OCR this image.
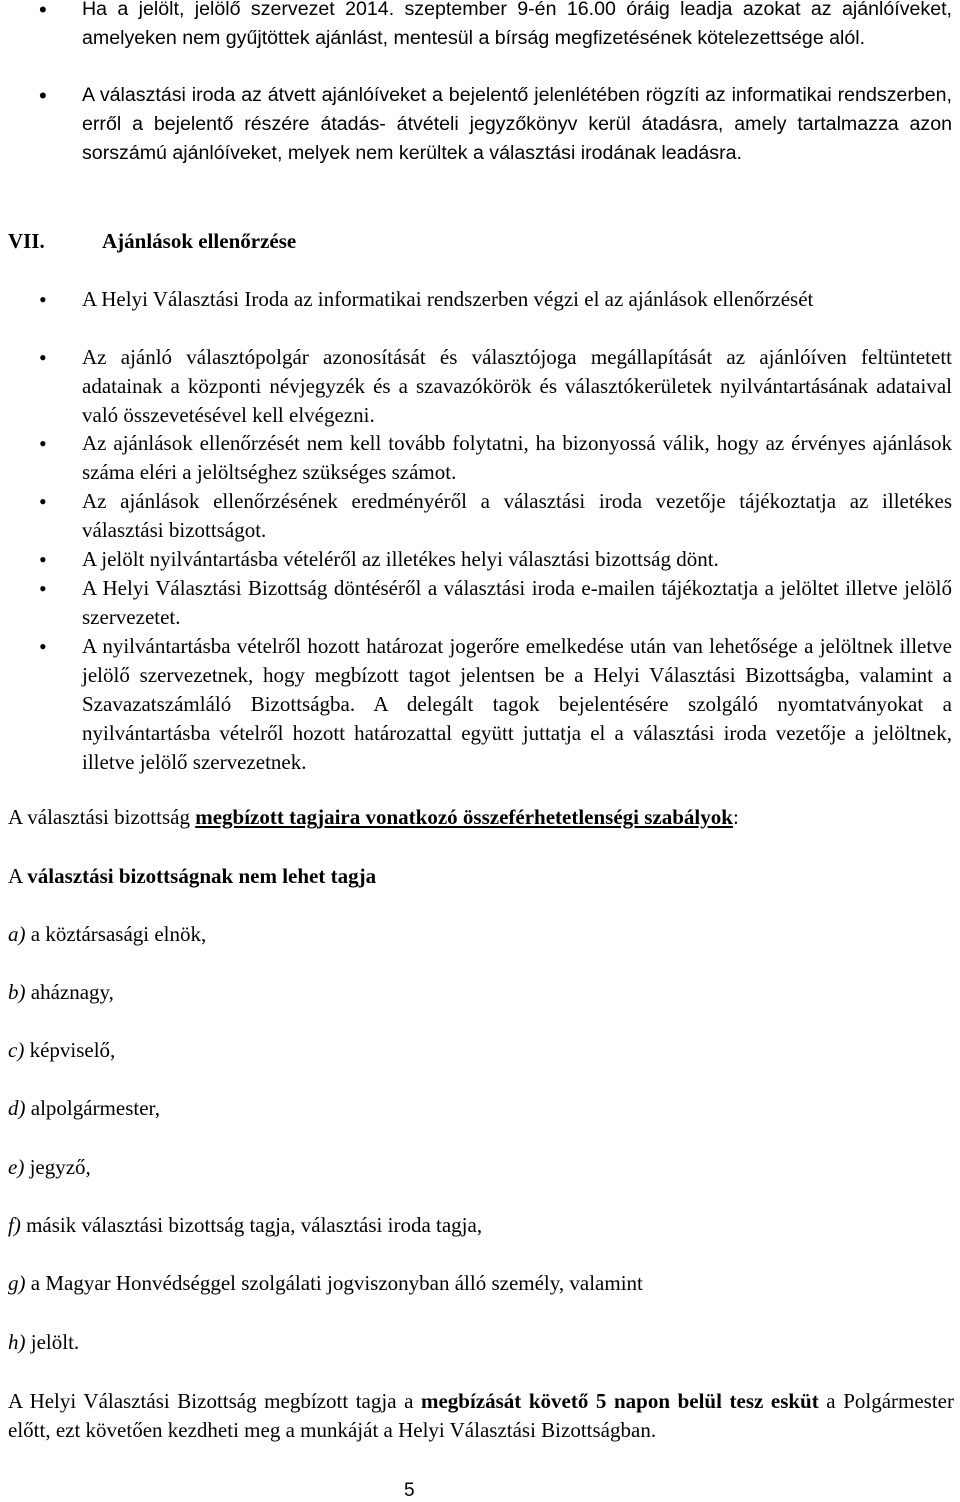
• Ha a jelölt, jelölő szervezet 2014. szeptember 9-én 16.00 óráig leadja azokat az ajánlóíveket, amelyeken nem gyűjtöttek ajánlást, mentesül a bírság megfizetésének kötelezettsége alól.
• A választási iroda az átvett ajánlóíveket a bejelentő jelenlétében rögzíti az informatikai rendszerben, erről a bejelentő részére átadás- átvételi jegyzőkönyv kerül átadásra, amely tartalmazza azon sorszámú ajánlóíveket, melyek nem kerültek a választási irodának leadásra.
VII.	Ajánlások ellenőrzése
• A Helyi Választási Iroda az informatikai rendszerben végzi el az ajánlások ellenőrzését
• Az ajánló választópolgár azonosítását és választójoga megállapítását az ajánlóíven feltüntetett adatainak a központi névjegyzék és a szavazókörök és választókerületek nyilvántartásának adataival való összevetésével kell elvégezni.
• Az ajánlások ellenőrzését nem kell tovább folytatni, ha bizonyossá válik, hogy az érvényes ajánlások száma eléri a jelöltséghez szükséges számot.
• Az ajánlások ellenőrzésének eredményéről a választási iroda vezetője tájékoztatja az illetékes választási bizottságot.
• A jelölt nyilvántartásba vételéről az illetékes helyi választási bizottság dönt.
• A Helyi Választási Bizottság döntéséről a választási iroda e-mailen tájékoztatja a jelöltet illetve jelölő szervezetet.
• A nyilvántartásba vételről hozott határozat jogerőre emelkedése után van lehetősége a jelöltnek illetve jelölő szervezetnek, hogy megbízott tagot jelentsen be a Helyi Választási Bizottságba, valamint a Szavazatszámláló Bizottságba. A delegált tagok bejelentésére szolgáló nyomtatványokat a nyilvántartásba vételről hozott határozattal együtt juttatja el a választási iroda vezetője a jelöltnek, illetve jelölő szervezetnek.
A választási bizottság megbízott tagjaira vonatkozó összeférhetetlenségi szabályok:
A választási bizottságnak nem lehet tagja
a) a köztársasági elnök,
b) aháznagy,
c) képviselő,
d) alpolgármester,
e) jegyző,
f) másik választási bizottság tagja, választási iroda tagja,
g) a Magyar Honvédséggel szolgálati jogviszonyban álló személy, valamint
h) jelölt.
A Helyi Választási Bizottság megbízott tagja a megbízását követő 5 napon belül tesz esküt a Polgármester előtt, ezt követően kezdheti meg a munkáját a Helyi Választási Bizottságban.
5
